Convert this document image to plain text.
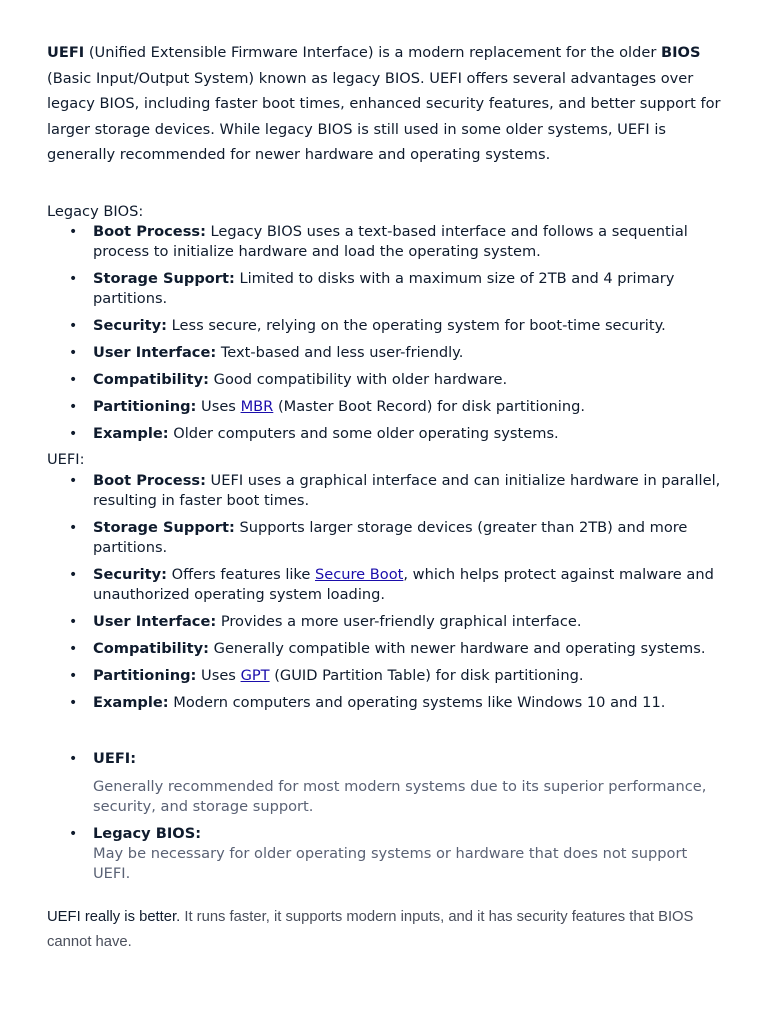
UEFI (Unified Extensible Firmware Interface) is a modern replacement for the older BIOS (Basic Input/Output System) known as legacy BIOS. UEFI offers several advantages over legacy BIOS, including faster boot times, enhanced security features, and better support for larger storage devices. While legacy BIOS is still used in some older systems, UEFI is generally recommended for newer hardware and operating systems.

Legacy BIOS:

• Boot Process: Legacy BIOS uses a text-based interface and follows a sequential process to initialize hardware and load the operating system.
• Storage Support: Limited to disks with a maximum size of 2TB and 4 primary partitions.
• Security: Less secure, relying on the operating system for boot-time security.
• User Interface: Text-based and less user-friendly.
• Compatibility: Good compatibility with older hardware.
• Partitioning: Uses MBR (Master Boot Record) for disk partitioning.
• Example: Older computers and some older operating systems.

UEFI:

• Boot Process: UEFI uses a graphical interface and can initialize hardware in parallel, resulting in faster boot times.
• Storage Support: Supports larger storage devices (greater than 2TB) and more partitions.
• Security: Offers features like Secure Boot, which helps protect against malware and unauthorized operating system loading.
• User Interface: Provides a more user-friendly graphical interface.
• Compatibility: Generally compatible with newer hardware and operating systems.
• Partitioning: Uses GPT (GUID Partition Table) for disk partitioning.
• Example: Modern computers and operating systems like Windows 10 and 11.
• UEFI:
Generally recommended for most modern systems due to its superior performance, security, and storage support.
• Legacy BIOS:
May be necessary for older operating systems or hardware that does not support UEFI.

UEFI really is better. It runs faster, it supports modern inputs, and it has security features that BIOS cannot have.
